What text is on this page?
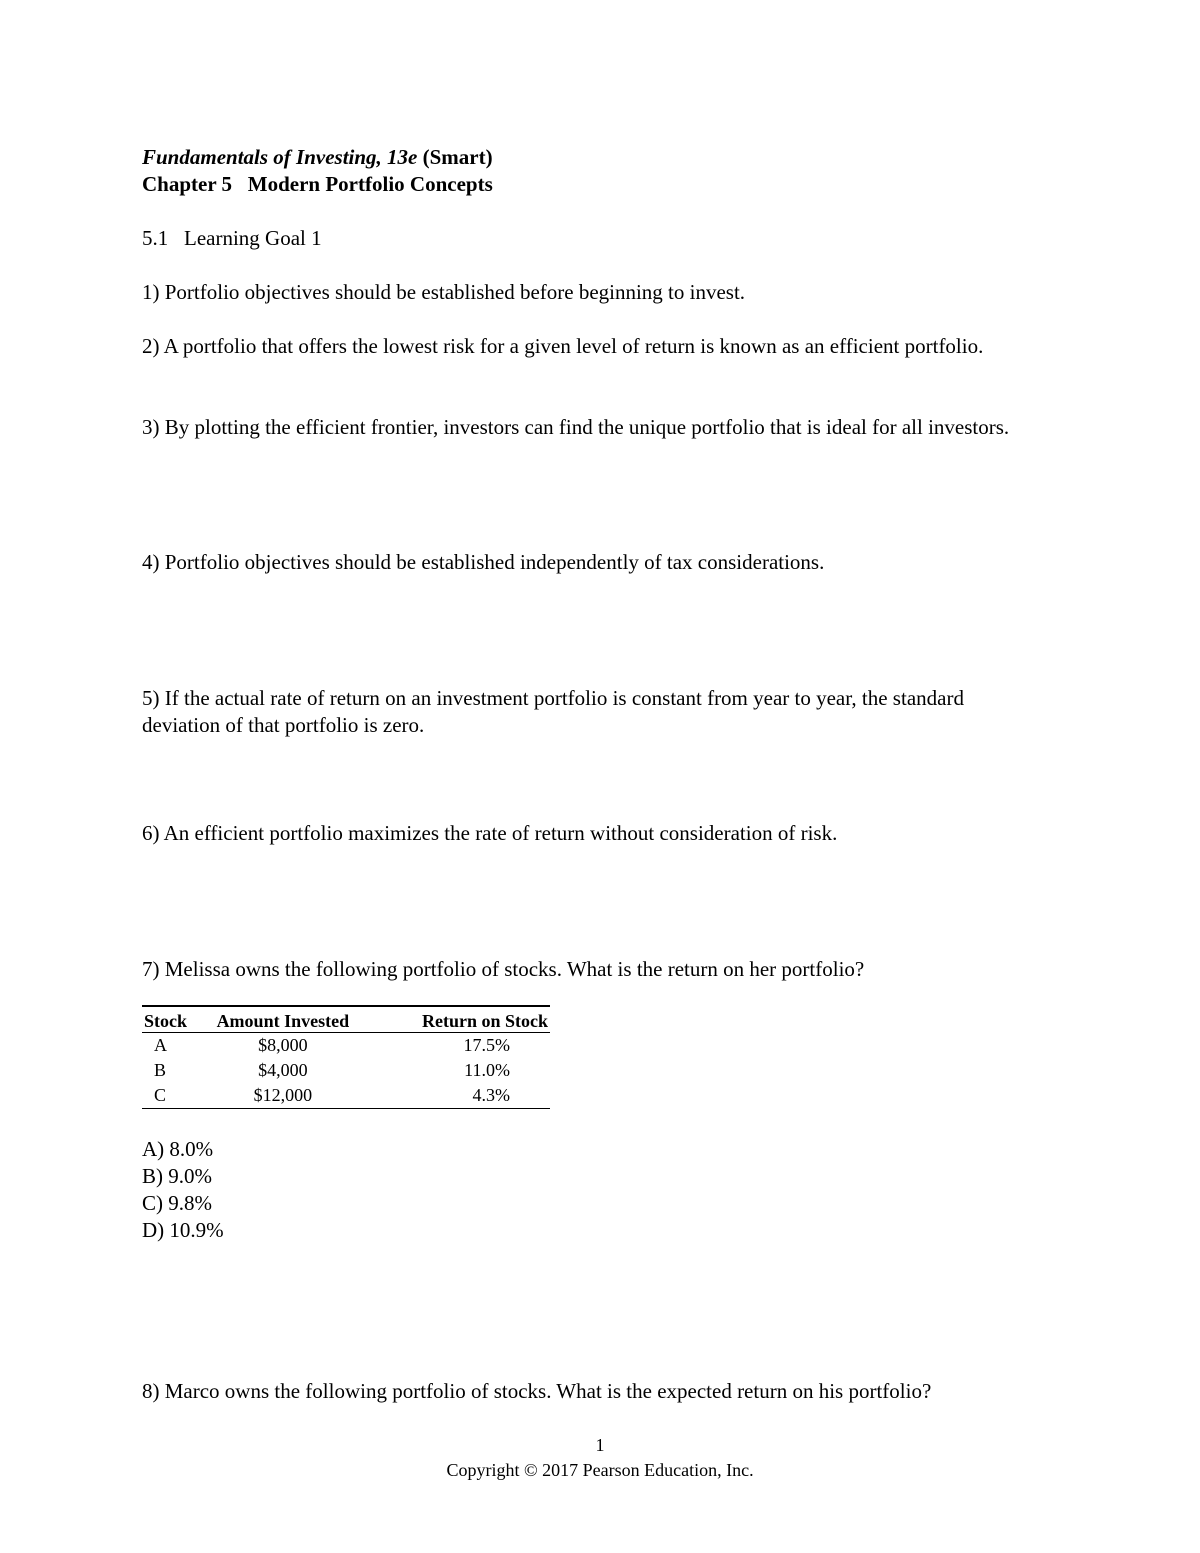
Fundamentals of Investing, 13e (Smart)
Chapter 5   Modern Portfolio Concepts
5.1   Learning Goal 1
1) Portfolio objectives should be established before beginning to invest.
2) A portfolio that offers the lowest risk for a given level of return is known as an efficient portfolio.
3) By plotting the efficient frontier, investors can find the unique portfolio that is ideal for all investors.
4) Portfolio objectives should be established independently of tax considerations.
5) If the actual rate of return on an investment portfolio is constant from year to year, the standard deviation of that portfolio is zero.
6) An efficient portfolio maximizes the rate of return without consideration of risk.
7) Melissa owns the following portfolio of stocks. What is the return on her portfolio?
Stock	Amount Invested	Return on Stock
A	$8,000	17.5%
B	$4,000	11.0%
C	$12,000	4.3%
A) 8.0%
B) 9.0%
C) 9.8%
D) 10.9%
8) Marco owns the following portfolio of stocks. What is the expected return on his portfolio?
1
Copyright © 2017 Pearson Education, Inc.
